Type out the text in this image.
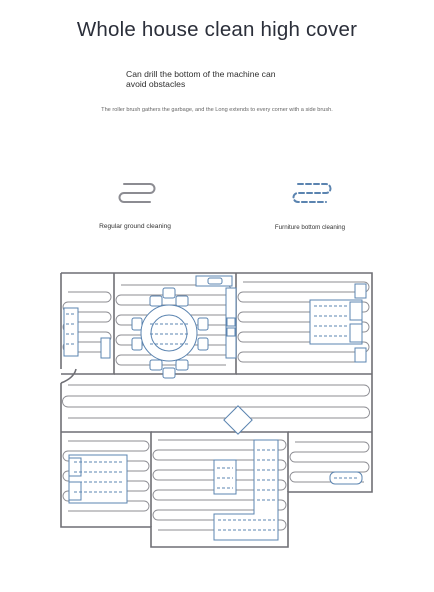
Whole house clean high cover
Can drill the bottom of the machine can avoid obstacles
The roller brush gathers the garbage, and the Long extends to every corner with a side brush.
Regular ground cleaning	Furniture bottom cleaning
